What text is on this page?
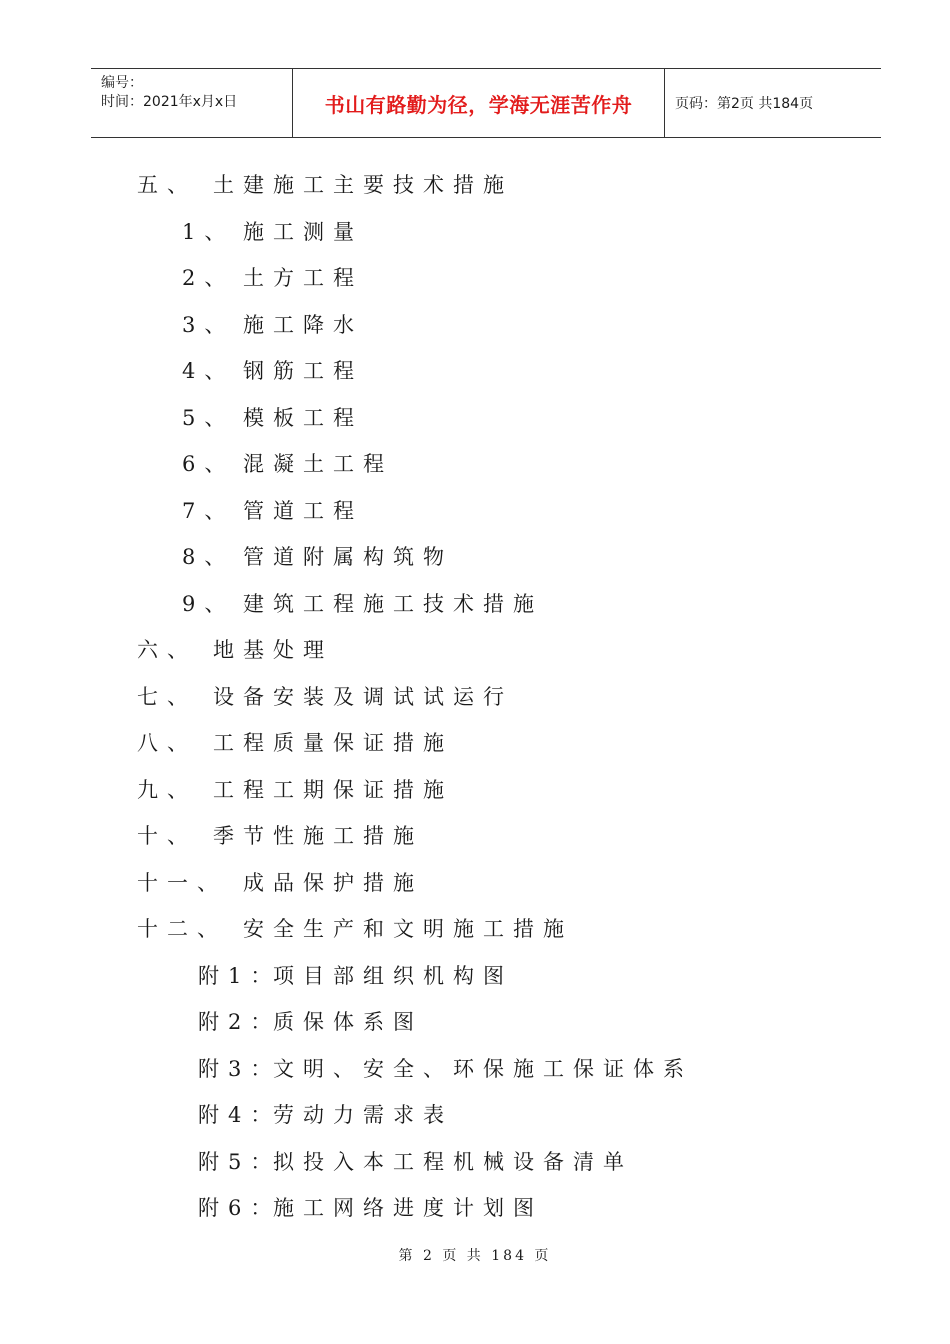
编号：
时间：2021年x月x日	书山有路勤为径，学海无涯苦作舟	页码：第2页 共184页
五、 土建施工主要技术措施
1、 施工测量
2、 土方工程
3、 施工降水
4、 钢筋工程
5、 模板工程
6、 混凝土工程
7、 管道工程
8、 管道附属构筑物
9、 建筑工程施工技术措施
六、 地基处理
七、 设备安装及调试试运行
八、 工程质量保证措施
九、 工程工期保证措施
十、 季节性施工措施
十一、 成品保护措施
十二、 安全生产和文明施工措施
附1：
项目部组织机构图
附2：
质保体系图
附3：
文明、安全、环保施工保证体系
附4：
劳动力需求表
附5：
拟投入本工程机械设备清单
附6：
施工网络进度计划图
第 2 页 共 184 页
